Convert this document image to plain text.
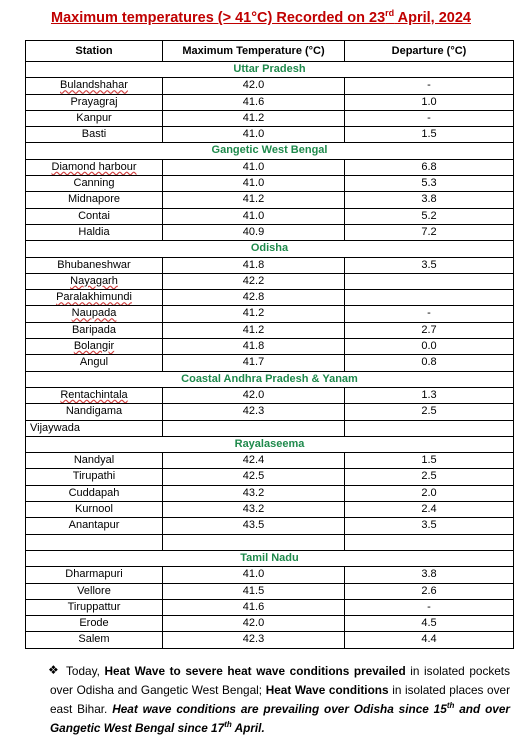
Maximum temperatures (> 41°C) Recorded on 23rd April, 2024
Station	Maximum Temperature (°C)	Departure (°C)
Uttar Pradesh		
Bulandshahar	42.0	-
Prayagraj	41.6	1.0
Kanpur	41.2	-
Basti	41.0	1.5
Gangetic West Bengal		
Diamond harbour	41.0	6.8
Canning	41.0	5.3
Midnapore	41.2	3.8
Contai	41.0	5.2
Haldia	40.9	7.2
Odisha		
Bhubaneshwar	41.8	3.5
Nayagarh	42.2	
Paralakhimundi	42.8	
Naupada	41.2	-
Baripada	41.2	2.7
Bolangir	41.8	0.0
Angul	41.7	0.8
Coastal Andhra Pradesh & Yanam		
Rentachintala	42.0	1.3
Nandigama	42.3	2.5
Vijaywada		
Rayalaseema		
Nandyal	42.4	1.5
Tirupathi	42.5	2.5
Cuddapah	43.2	2.0
Kurnool	43.2	2.4
Anantapur	43.5	3.5

Tamil Nadu		
Dharmapuri	41.0	3.8
Vellore	41.5	2.6
Tiruppattur	41.6	-
Erode	42.0	4.5
Salem	42.3	4.4
❖ Today, Heat Wave to severe heat wave conditions prevailed in isolated pockets over Odisha and Gangetic West Bengal; Heat Wave conditions in isolated places over east Bihar. Heat wave conditions are prevailing over Odisha since 15th and over Gangetic West Bengal since 17th April.
